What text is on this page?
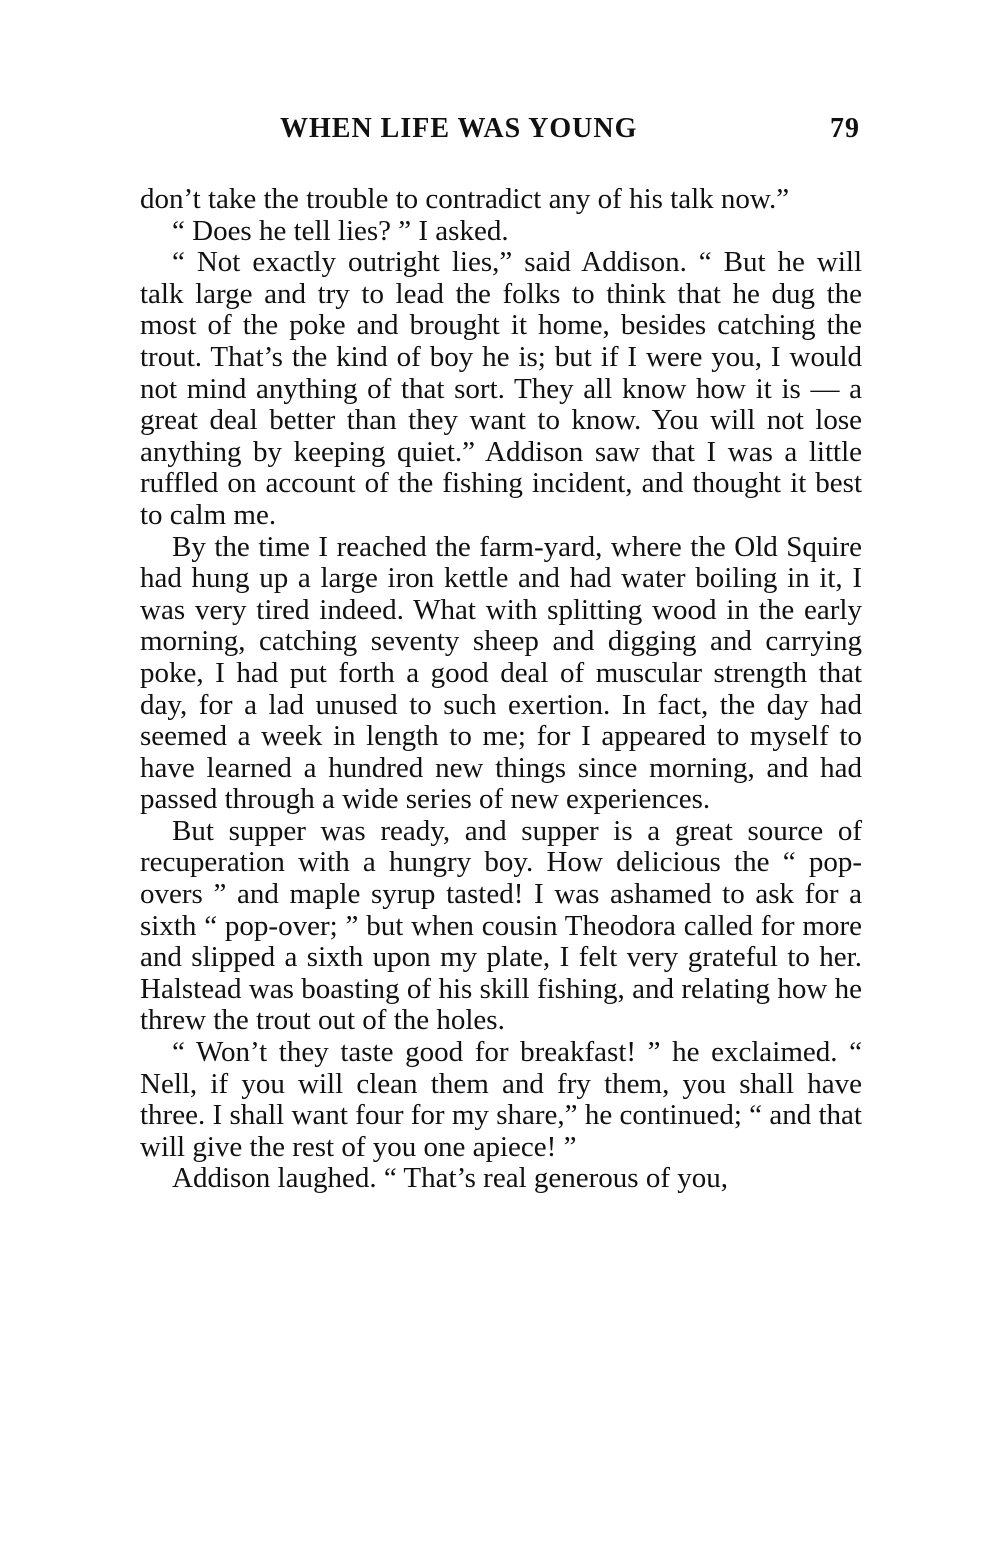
WHEN LIFE WAS YOUNG	79

don’t take the trouble to contradict any of his talk now.”

“ Does he tell lies? ” I asked.

“ Not exactly outright lies,” said Addison. “ But he will talk large and try to lead the folks to think that he dug the most of the poke and brought it home, besides catching the trout. That’s the kind of boy he is; but if I were you, I would not mind anything of that sort. They all know how it is — a great deal better than they want to know. You will not lose anything by keeping quiet.” Addison saw that I was a little ruffled on account of the fishing incident, and thought it best to calm me.

By the time I reached the farm-yard, where the Old Squire had hung up a large iron kettle and had water boiling in it, I was very tired indeed. What with splitting wood in the early morning, catching seventy sheep and digging and carrying poke, I had put forth a good deal of muscular strength that day, for a lad unused to such exertion. In fact, the day had seemed a week in length to me; for I appeared to myself to have learned a hundred new things since morning, and had passed through a wide series of new experiences.

But supper was ready, and supper is a great source of recuperation with a hungry boy. How delicious the “ pop-overs ” and maple syrup tasted! I was ashamed to ask for a sixth “ pop-over; ” but when cousin Theodora called for more and slipped a sixth upon my plate, I felt very grateful to her. Halstead was boasting of his skill fishing, and relating how he threw the trout out of the holes.

“ Won’t they taste good for breakfast! ” he exclaimed. “ Nell, if you will clean them and fry them, you shall have three. I shall want four for my share,” he continued; “ and that will give the rest of you one apiece! ”

Addison laughed. “ That’s real generous of you,
